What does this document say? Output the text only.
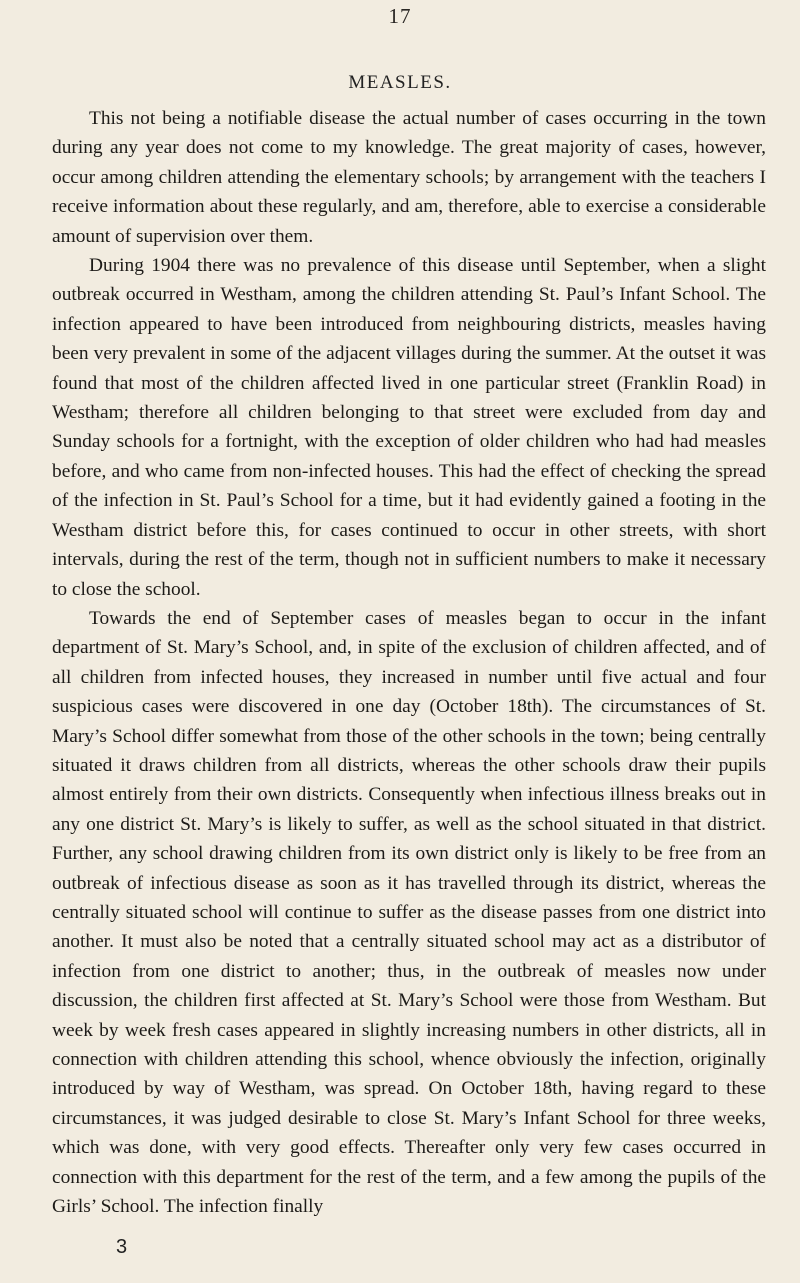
17
MEASLES.

This not being a notifiable disease the actual number of cases occurring in the town during any year does not come to my knowledge. The great majority of cases, however, occur among children attending the elementary schools; by arrangement with the teachers I receive information about these regularly, and am, therefore, able to exercise a considerable amount of supervision over them.

During 1904 there was no prevalence of this disease until September, when a slight outbreak occurred in Westham, among the children attending St. Paul’s Infant School. The infection appeared to have been introduced from neighbouring districts, measles having been very prevalent in some of the adjacent villages during the summer. At the outset it was found that most of the children affected lived in one particular street (Franklin Road) in Westham; therefore all children belonging to that street were excluded from day and Sunday schools for a fortnight, with the exception of older children who had had measles before, and who came from non-infected houses. This had the effect of checking the spread of the infection in St. Paul’s School for a time, but it had evidently gained a footing in the Westham district before this, for cases continued to occur in other streets, with short intervals, during the rest of the term, though not in sufficient numbers to make it necessary to close the school.

Towards the end of September cases of measles began to occur in the infant department of St. Mary’s School, and, in spite of the exclusion of children affected, and of all children from infected houses, they increased in number until five actual and four suspicious cases were discovered in one day (October 18th). The circumstances of St. Mary’s School differ somewhat from those of the other schools in the town; being centrally situated it draws children from all districts, whereas the other schools draw their pupils almost entirely from their own districts. Consequently when infectious illness breaks out in any one district St. Mary’s is likely to suffer, as well as the school situated in that district. Further, any school drawing children from its own district only is likely to be free from an outbreak of infectious disease as soon as it has travelled through its district, whereas the centrally situated school will continue to suffer as the disease passes from one district into another. It must also be noted that a centrally situated school may act as a distributor of infection from one district to another; thus, in the outbreak of measles now under discussion, the children first affected at St. Mary’s School were those from Westham. But week by week fresh cases appeared in slightly increasing numbers in other districts, all in connection with children attending this school, whence obviously the infection, originally introduced by way of Westham, was spread. On October 18th, having regard to these circumstances, it was judged desirable to close St. Mary’s Infant School for three weeks, which was done, with very good effects. Thereafter only very few cases occurred in connection with this department for the rest of the term, and a few among the pupils of the Girls’ School. The infection finally

3
